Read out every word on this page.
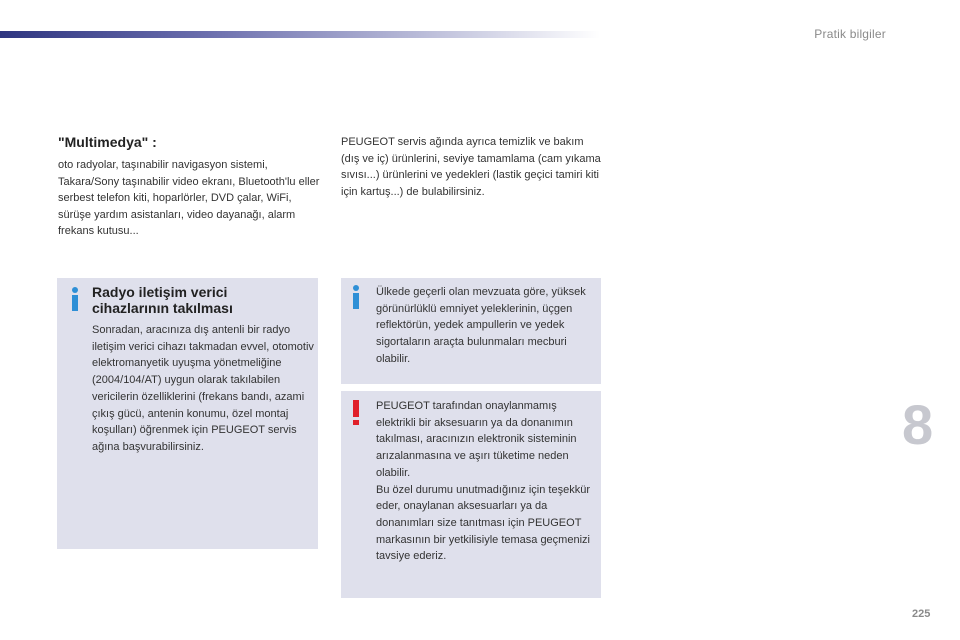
Pratik bilgiler
8
225
"Multimedya" :
oto radyolar, taşınabilir navigasyon sistemi, Takara/Sony taşınabilir video ekranı, Bluetooth'lu eller serbest telefon kiti, hoparlörler, DVD çalar, WiFi, sürüşe yardım asistanları, video dayanağı, alarm frekans kutusu...
PEUGEOT servis ağında ayrıca temizlik ve bakım (dış ve iç) ürünlerini, seviye tamamlama (cam yıkama sıvısı...) ürünlerini ve yedekleri (lastik geçici tamiri kiti için kartuş...) de bulabilirsiniz.
Radyo iletişim verici cihazlarının takılması
Sonradan, aracınıza dış antenli bir radyo iletişim verici cihazı takmadan evvel, otomotiv elektromanyetik uyuşma yönetmeliğine (2004/104/AT) uygun olarak takılabilen vericilerin özelliklerini (frekans bandı, azami çıkış gücü, antenin konumu, özel montaj koşulları) öğrenmek için PEUGEOT servis ağına başvurabilirsiniz.
Ülkede geçerli olan mevzuata göre, yüksek görünürlüklü emniyet yeleklerinin, üçgen reflektörün, yedek ampullerin ve yedek sigortaların araçta bulunmaları mecburi olabilir.
PEUGEOT tarafından onaylanmamış elektrikli bir aksesuarın ya da donanımın takılması, aracınızın elektronik sisteminin arızalanmasına ve aşırı tüketime neden olabilir.
Bu özel durumu unutmadığınız için teşekkür eder, onaylanan aksesuarları ya da donanımları size tanıtması için PEUGEOT markasının bir yetkilisiyle temasa geçmenizi tavsiye ederiz.
